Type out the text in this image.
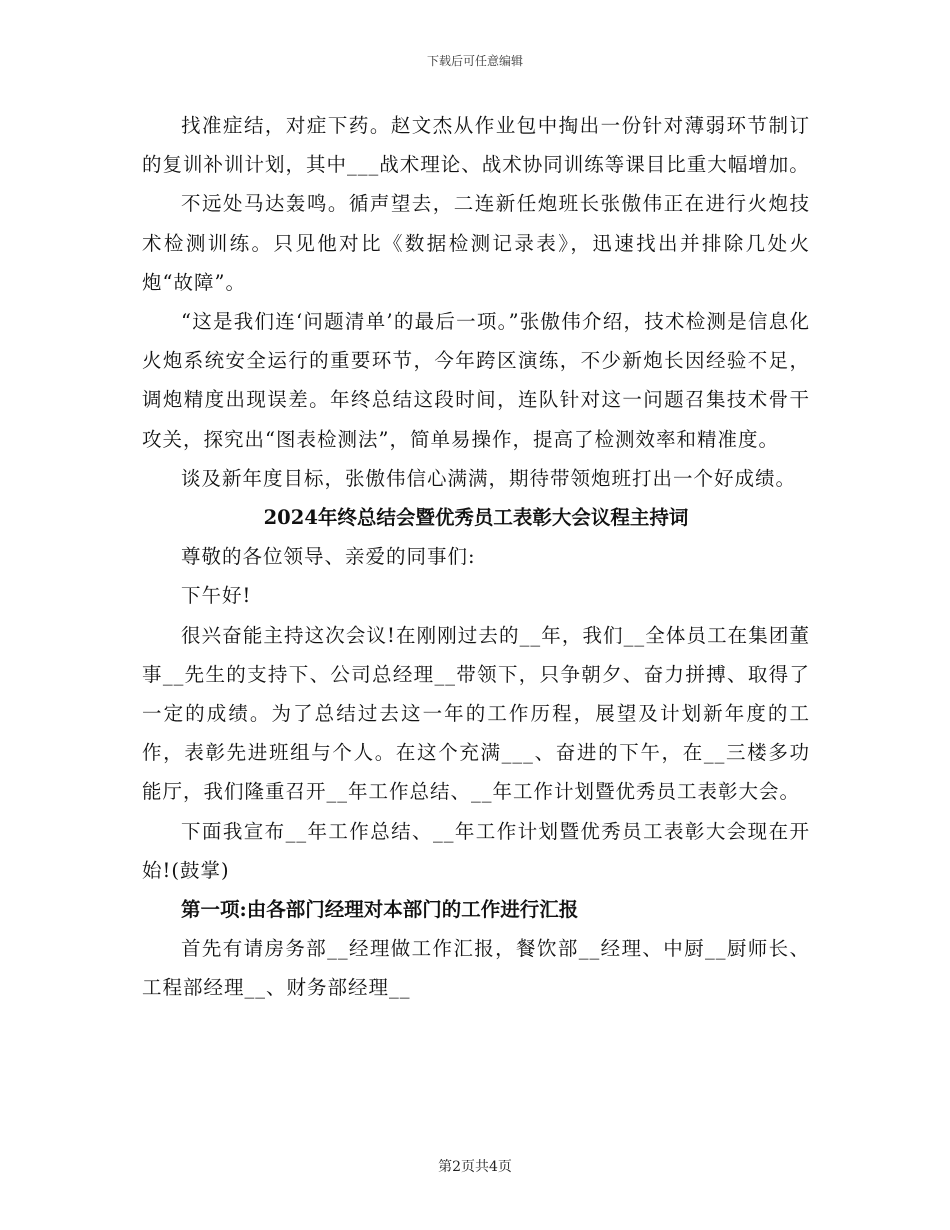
下载后可任意编辑

找准症结，对症下药。赵文杰从作业包中掏出一份针对薄弱环节制订的复训补训计划，其中___战术理论、战术协同训练等课目比重大幅增加。

不远处马达轰鸣。循声望去，二连新任炮班长张傲伟正在进行火炮技术检测训练。只见他对比《数据检测记录表》，迅速找出并排除几处火炮“故障”。

“这是我们连‘问题清单’的最后一项。”张傲伟介绍，技术检测是信息化火炮系统安全运行的重要环节，今年跨区演练，不少新炮长因经验不足，调炮精度出现误差。年终总结这段时间，连队针对这一问题召集技术骨干攻关，探究出“图表检测法”，简单易操作，提高了检测效率和精准度。

谈及新年度目标，张傲伟信心满满，期待带领炮班打出一个好成绩。

2024年终总结会暨优秀员工表彰大会议程主持词

尊敬的各位领导、亲爱的同事们:

下午好!

很兴奋能主持这次会议!在刚刚过去的__年，我们__全体员工在集团董事__先生的支持下、公司总经理__带领下，只争朝夕、奋力拼搏、取得了一定的成绩。为了总结过去这一年的工作历程，展望及计划新年度的工作，表彰先进班组与个人。在这个充满___、奋进的下午，在__三楼多功能厅，我们隆重召开__年工作总结、__年工作计划暨优秀员工表彰大会。

下面我宣布__年工作总结、__年工作计划暨优秀员工表彰大会现在开始!(鼓掌)

第一项:由各部门经理对本部门的工作进行汇报

首先有请房务部__经理做工作汇报，餐饮部__经理、中厨__厨师长、工程部经理__、财务部经理__

第2页共4页
